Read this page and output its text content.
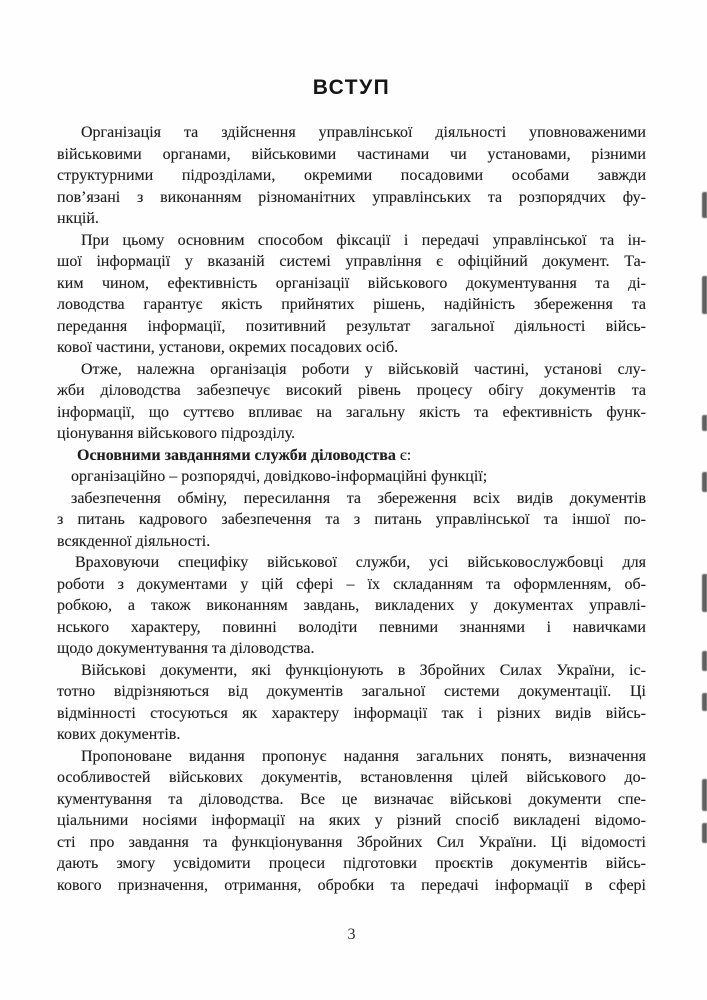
ВСТУП
Організація та здійснення управлінської діяльності уповноваженими
військовими органами, військовими частинами чи установами, різними
структурними підрозділами, окремими посадовими особами завжди
пов’язані з виконанням різноманітних управлінських та розпорядчих фу-
нкцій.
При цьому основним способом фіксації і передачі управлінської та ін-
шої інформації у вказаній системі управління є офіційний документ. Та-
ким чином, ефективність організації військового документування та ді-
ловодства гарантує якість прийнятих рішень, надійність збереження та
передання інформації, позитивний результат загальної діяльності війсь-
кової частини, установи, окремих посадових осіб.
Отже, належна організація роботи у військовій частині, установі слу-
жби діловодства забезпечує високий рівень процесу обігу документів та
інформації, що суттєво впливає на загальну якість та ефективність функ-
ціонування військового підрозділу.
Основними завданнями служби діловодства є:
організаційно – розпорядчі, довідково-інформаційні функції;
забезпечення обміну, пересилання та збереження всіх видів документів
з питань кадрового забезпечення та з питань управлінської та іншої по-
всякденної діяльності.
Враховуючи специфіку військової служби, усі військовослужбовці для
роботи з документами у цій сфері – їх складанням та оформленням, об-
робкою, а також виконанням завдань, викладених у документах управлі-
нського характеру, повинні володіти певними знаннями і навичками
щодо документування та діловодства.
Військові документи, які функціонують в Збройних Силах України, іс-
тотно відрізняються від документів загальної системи документації. Ці
відмінності стосуються як характеру інформації так і різних видів війсь-
кових документів.
Пропоноване видання пропонує надання загальних понять, визначення
особливостей військових документів, встановлення цілей військового до-
кументування та діловодства. Все це визначає військові документи спе-
ціальними носіями інформації на яких у різний спосіб викладені відомо-
сті про завдання та функціонування Збройних Сил України. Ці відомості
дають змогу усвідомити процеси підготовки проєктів документів війсь-
кового призначення, отримання, обробки та передачі інформації в сфері
3
